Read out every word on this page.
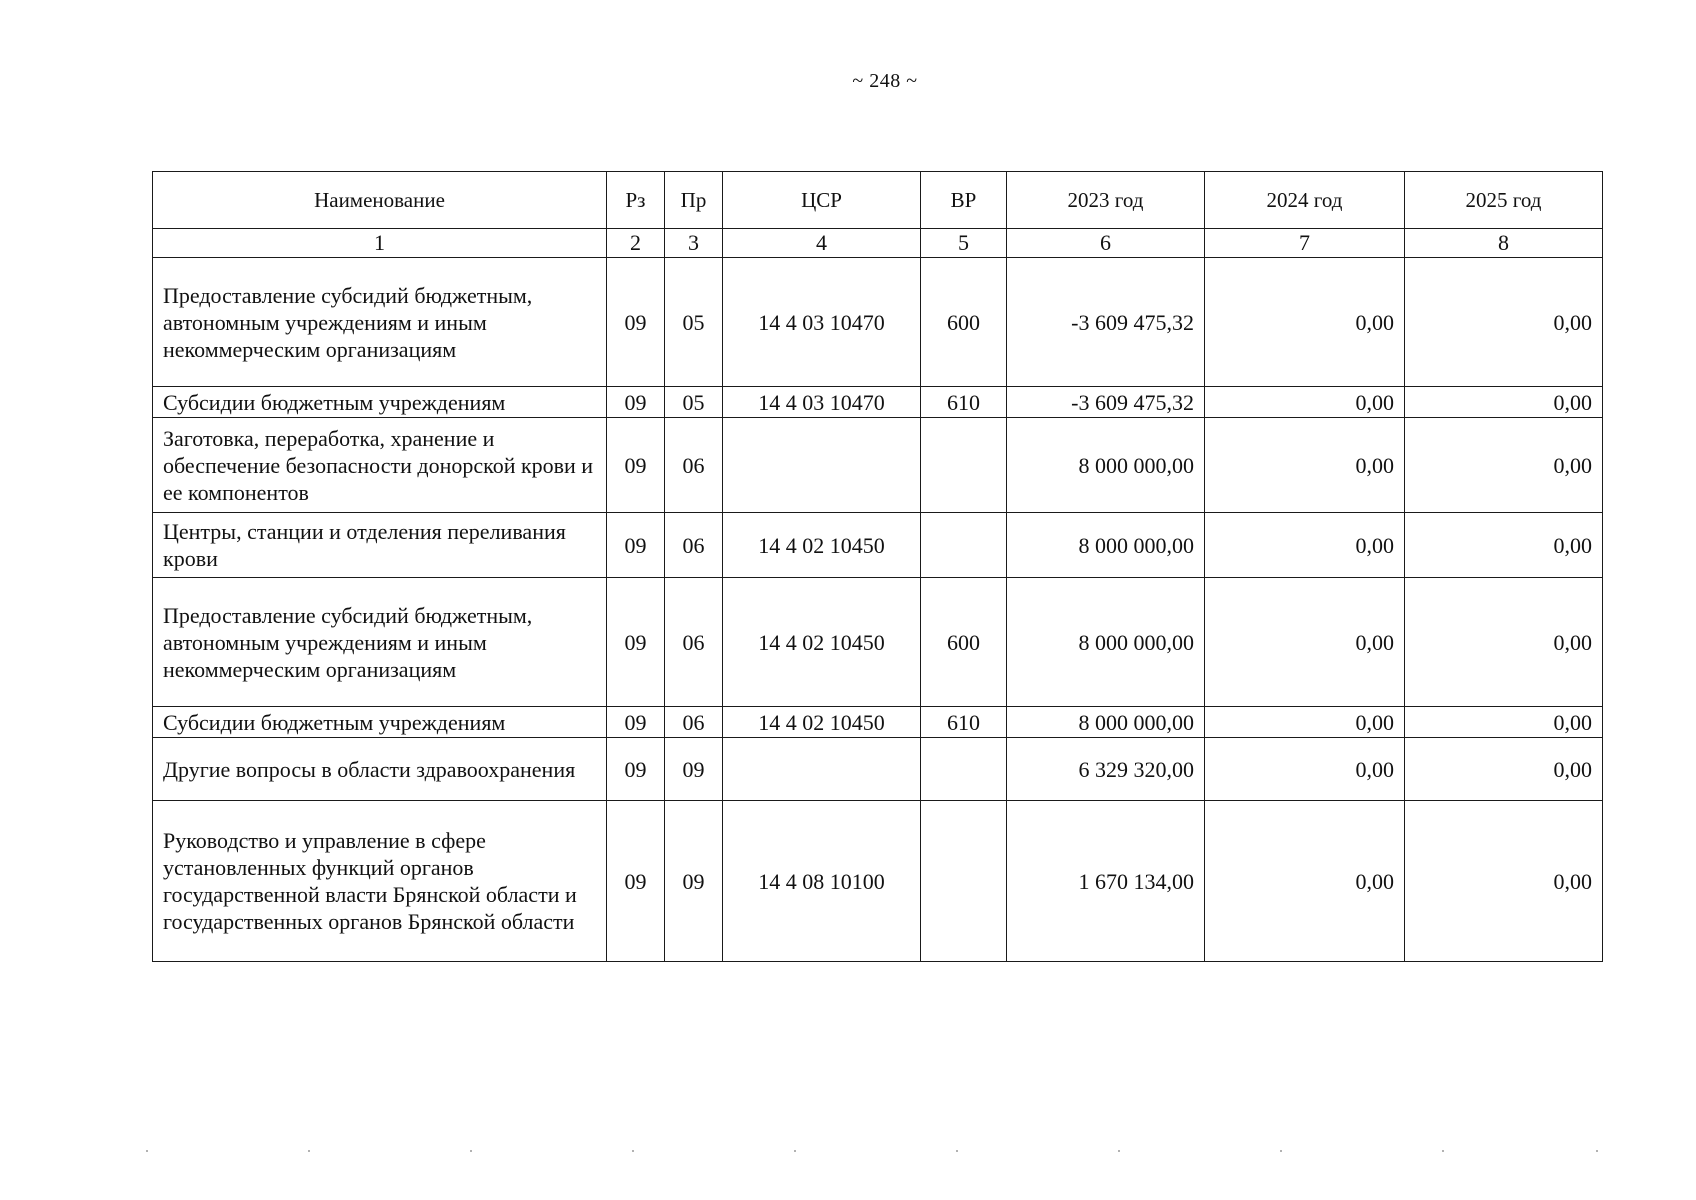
~ 248 ~
Наименование	Рз	Пр	ЦСР	ВР	2023 год	2024 год	2025 год
1	2	3	4	5	6	7	8
Предоставление субсидий бюджетным, автономным учреждениям и иным некоммерческим организациям	09	05	14 4 03 10470	600	-3 609 475,32	0,00	0,00
Субсидии бюджетным учреждениям	09	05	14 4 03 10470	610	-3 609 475,32	0,00	0,00
Заготовка, переработка, хранение и обеспечение безопасности донорской крови и ее компонентов	09	06			8 000 000,00	0,00	0,00
Центры, станции и отделения переливания крови	09	06	14 4 02 10450		8 000 000,00	0,00	0,00
Предоставление субсидий бюджетным, автономным учреждениям и иным некоммерческим организациям	09	06	14 4 02 10450	600	8 000 000,00	0,00	0,00
Субсидии бюджетным учреждениям	09	06	14 4 02 10450	610	8 000 000,00	0,00	0,00
Другие вопросы в области здравоохранения	09	09			6 329 320,00	0,00	0,00
Руководство и управление в сфере установленных функций органов государственной власти Брянской области и государственных органов Брянской области	09	09	14 4 08 10100		1 670 134,00	0,00	0,00
